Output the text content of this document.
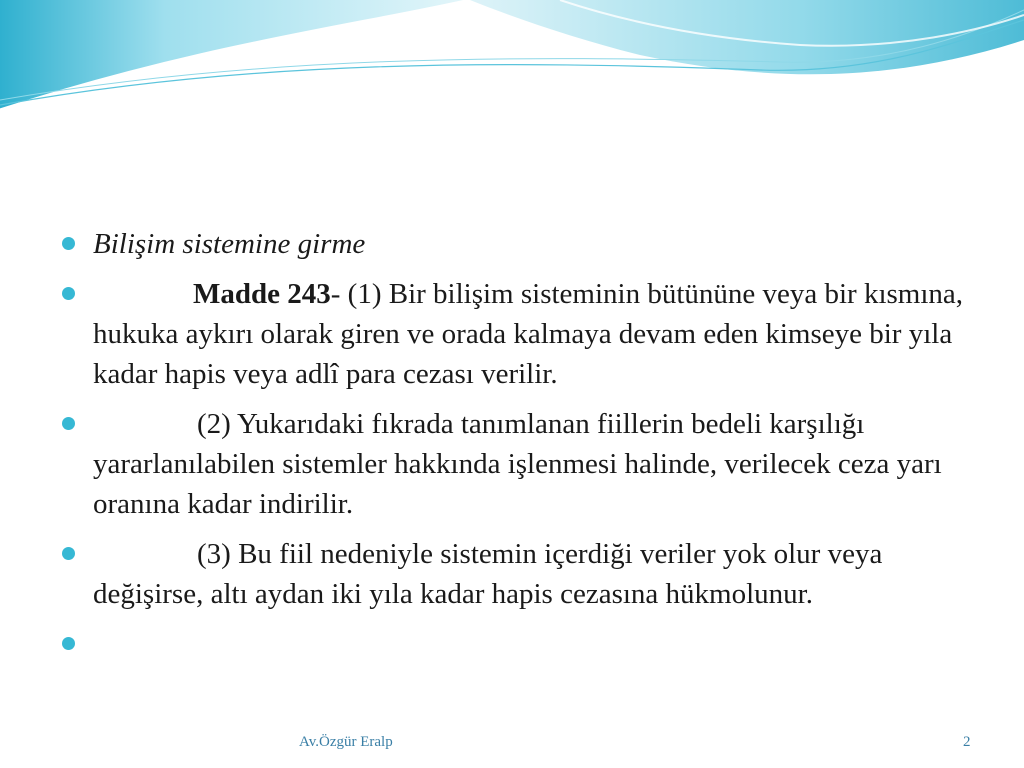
Bilişim sistemine girme
Madde 243- (1) Bir bilişim sisteminin bütününe veya bir kısmına, hukuka aykırı olarak giren ve orada kalmaya devam eden kimseye bir yıla kadar hapis veya adlî para cezası verilir.
(2) Yukarıdaki fıkrada tanımlanan fiillerin bedeli karşılığı yararlanılabilen sistemler hakkında işlenmesi halinde, verilecek ceza yarı oranına kadar indirilir.
(3) Bu fiil nedeniyle sistemin içerdiği veriler yok olur veya değişirse, altı aydan iki yıla kadar hapis cezasına hükmolunur.
Av.Özgür Eralp	2
